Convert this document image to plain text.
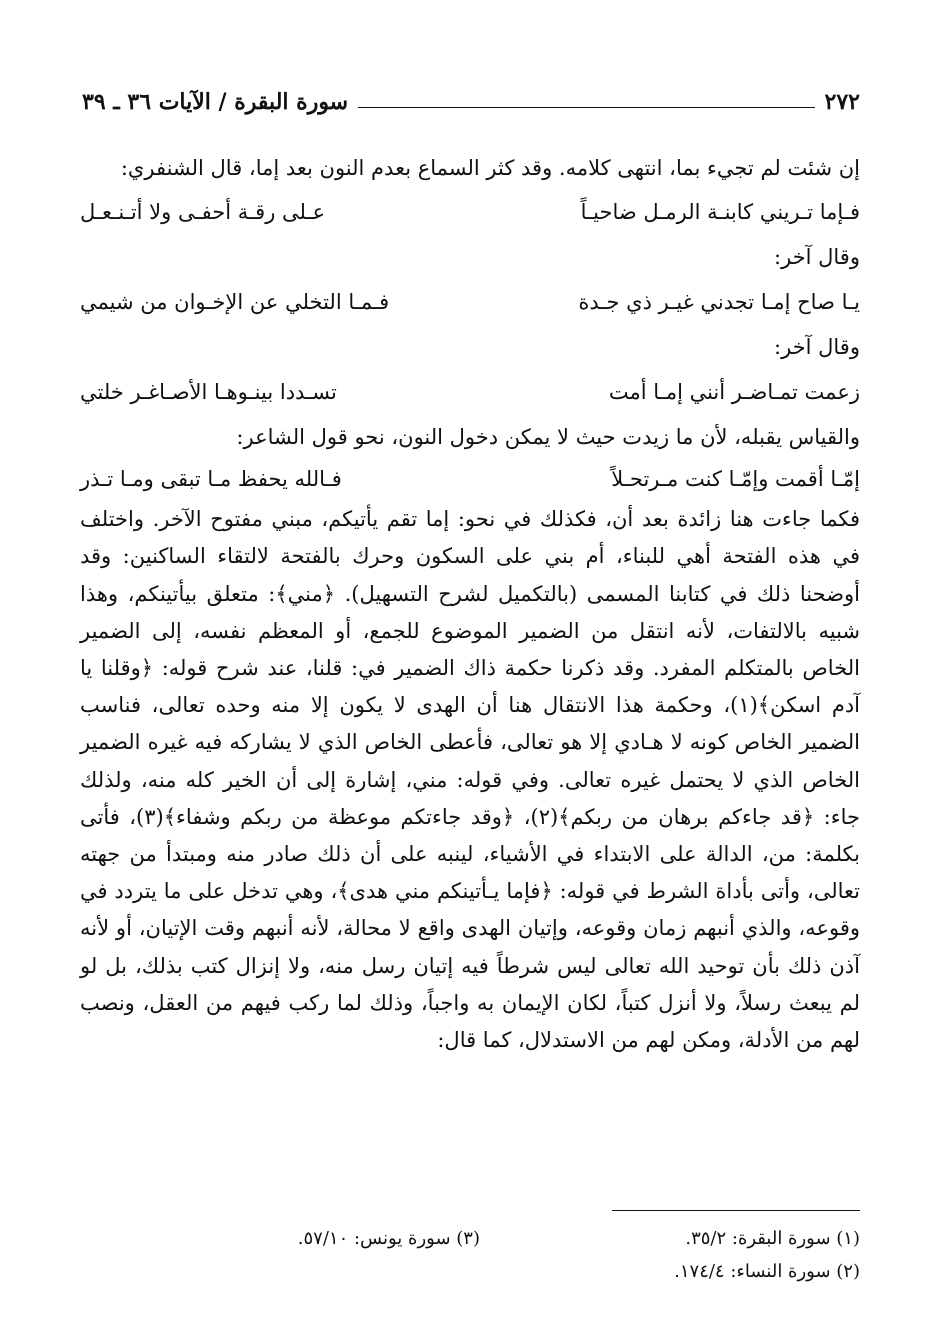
٢٧٢
سورة البقرة / الآيات ٣٦ ـ ٣٩

إن شئت لم تجيء بما، انتهى كلامه. وقد كثر السماع بعدم النون بعد إما، قال الشنفري:

فـإما تـريني كابنـة الرمـل ضاحيـاً
عـلى رقـة أحفـى ولا أتـنـعـل

وقال آخر:

يـا صاح إمـا تجدني غيـر ذي جـدة
فـمـا التخلي عن الإخـوان من شيمي

وقال آخر:

زعمت تمـاضـر أنني إمـا أمت
تسـددا بينـوهـا الأصـاغـر خلتي

والقياس يقبله، لأن ما زيدت حيث لا يمكن دخول النون، نحو قول الشاعر:

إمّـا أقمت وإمّـا كنت مـرتحـلاً
فـالله يحفظ مـا تبقى ومـا تـذر

فكما جاءت هنا زائدة بعد أن، فكذلك في نحو: إما تقم يأتيكم، مبني مفتوح الآخر. واختلف في هذه الفتحة أهي للبناء، أم بني على السكون وحرك بالفتحة لالتقاء الساكنين: وقد أوضحنا ذلك في كتابنا المسمى (بالتكميل لشرح التسهيل). ﴿مني﴾: متعلق بيأتينكم، وهذا شبيه بالالتفات، لأنه انتقل من الضمير الموضوع للجمع، أو المعظم نفسه، إلى الضمير الخاص بالمتكلم المفرد. وقد ذكرنا حكمة ذاك الضمير في: قلنا، عند شرح قوله: ﴿وقلنا يا آدم اسكن﴾(١)، وحكمة هذا الانتقال هنا أن الهدى لا يكون إلا منه وحده تعالى، فناسب الضمير الخاص كونه لا هـادي إلا هو تعالى، فأعطى الخاص الذي لا يشاركه فيه غيره الضمير الخاص الذي لا يحتمل غيره تعالى. وفي قوله: مني، إشارة إلى أن الخير كله منه، ولذلك جاء: ﴿قد جاءكم برهان من ربكم﴾(٢)، ﴿وقد جاءتكم موعظة من ربكم وشفاء﴾(٣)، فأتى بكلمة: من، الدالة على الابتداء في الأشياء، لينبه على أن ذلك صادر منه ومبتدأ من جهته تعالى، وأتى بأداة الشرط في قوله: ﴿فإما يـأتينكم مني هدى﴾، وهي تدخل على ما يتردد في وقوعه، والذي أنبهم زمان وقوعه، وإتيان الهدى واقع لا محالة، لأنه أنبهم وقت الإتيان، أو لأنه آذن ذلك بأن توحيد الله تعالى ليس شرطاً فيه إتيان رسل منه، ولا إنزال كتب بذلك، بل لو لم يبعث رسلاً، ولا أنزل كتباً، لكان الإيمان به واجباً، وذلك لما ركب فيهم من العقل، ونصب لهم من الأدلة، ومكن لهم من الاستدلال، كما قال:

(١) سورة البقرة: ٣٥/٢.
(٣) سورة يونس: ٥٧/١٠.
(٢) سورة النساء: ١٧٤/٤.
